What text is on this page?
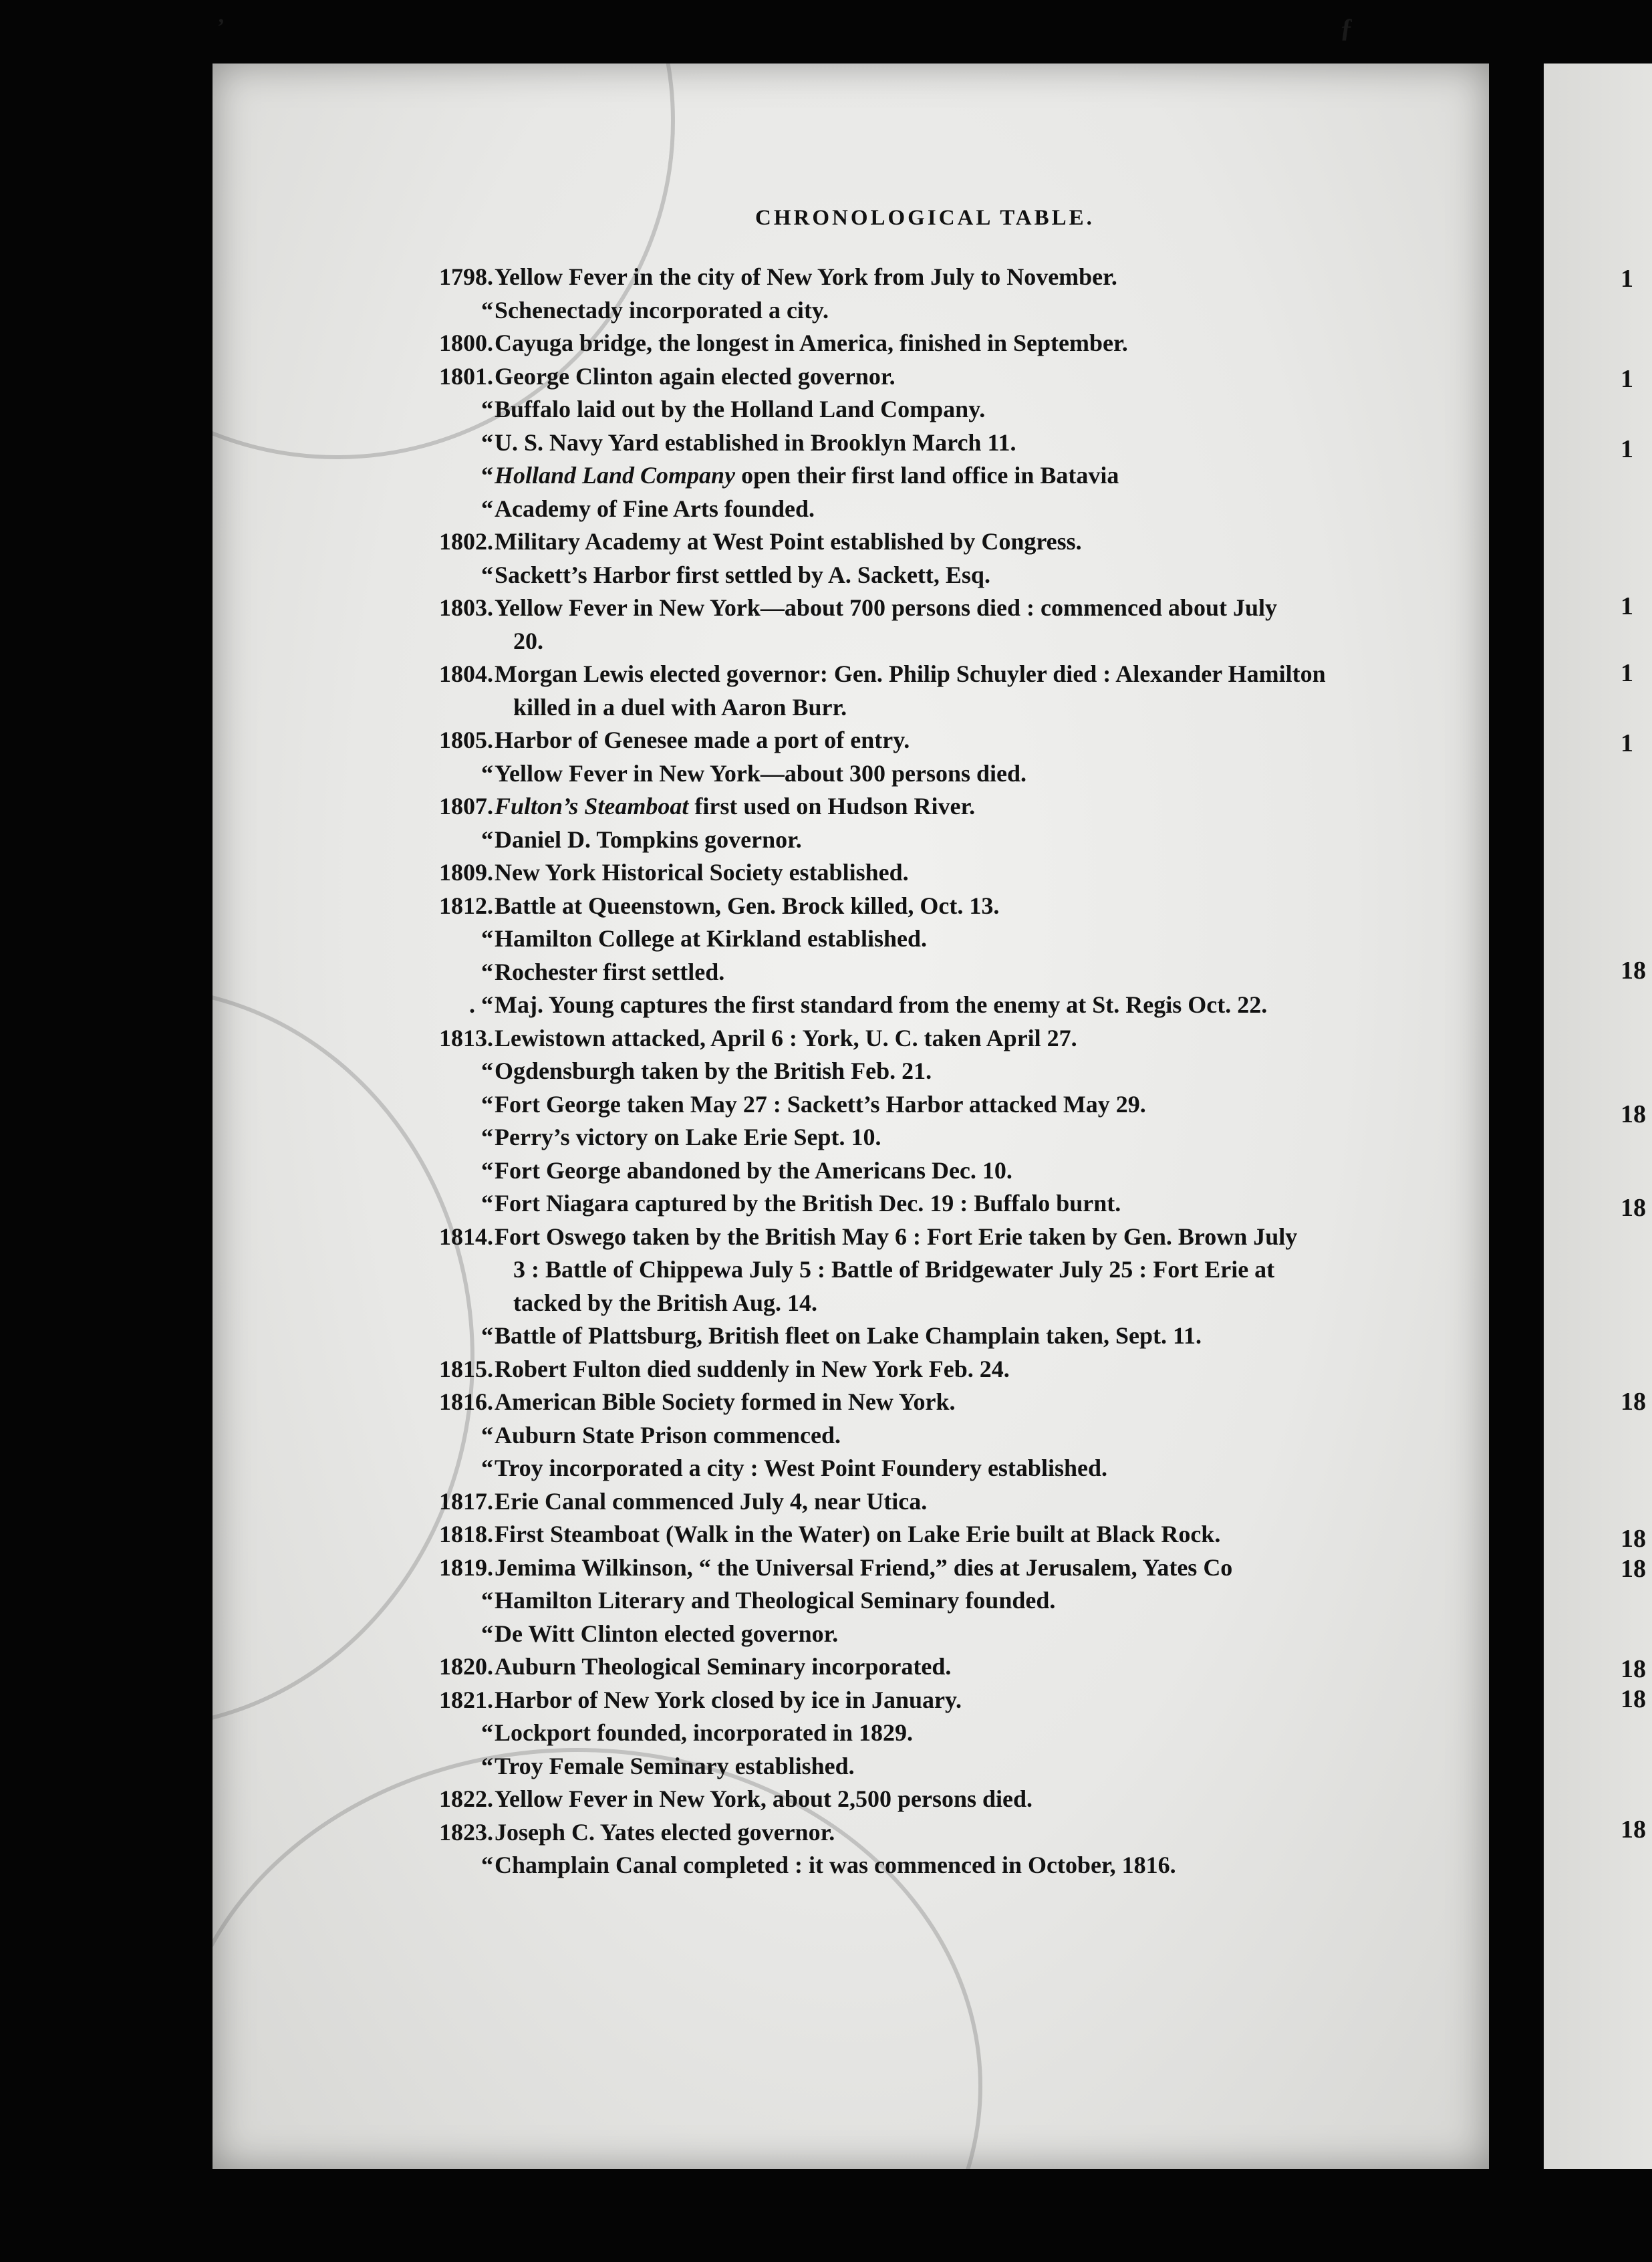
ʼ	ƒ
CHRONOLOGICAL TABLE.
1798. Yellow Fever in the city of New York from July to November.
“ Schenectady incorporated a city.
1800. Cayuga bridge, the longest in America, finished in September.
1801. George Clinton again elected governor.
“ Buffalo laid out by the Holland Land Company.
“ U. S. Navy Yard established in Brooklyn March 11.
“ Holland Land Company open their first land office in Batavia
“ Academy of Fine Arts founded.
1802. Military Academy at West Point established by Congress.
“ Sackett’s Harbor first settled by A. Sackett, Esq.
1803. Yellow Fever in New York—about 700 persons died : commenced about July
20.
1804. Morgan Lewis elected governor: Gen. Philip Schuyler died : Alexander Hamilton
killed in a duel with Aaron Burr.
1805. Harbor of Genesee made a port of entry.
“ Yellow Fever in New York—about 300 persons died.
1807. Fulton’s Steamboat first used on Hudson River.
“ Daniel D. Tompkins governor.
1809. New York Historical Society established.
1812. Battle at Queenstown, Gen. Brock killed, Oct. 13.
“ Hamilton College at Kirkland established.
“ Rochester first settled.
. “ Maj. Young captures the first standard from the enemy at St. Regis Oct. 22.
1813. Lewistown attacked, April 6 : York, U. C. taken April 27.
“ Ogdensburgh taken by the British Feb. 21.
“ Fort George taken May 27 : Sackett’s Harbor attacked May 29.
“ Perry’s victory on Lake Erie Sept. 10.
“ Fort George abandoned by the Americans Dec. 10.
“ Fort Niagara captured by the British Dec. 19 : Buffalo burnt.
1814. Fort Oswego taken by the British May 6 : Fort Erie taken by Gen. Brown July
3 : Battle of Chippewa July 5 : Battle of Bridgewater July 25 : Fort Erie at
tacked by the British Aug. 14.
“ Battle of Plattsburg, British fleet on Lake Champlain taken, Sept. 11.
1815. Robert Fulton died suddenly in New York Feb. 24.
1816. American Bible Society formed in New York.
“ Auburn State Prison commenced.
“ Troy incorporated a city : West Point Foundery established.
1817. Erie Canal commenced July 4, near Utica.
1818. First Steamboat (Walk in the Water) on Lake Erie built at Black Rock.
1819. Jemima Wilkinson, “ the Universal Friend,” dies at Jerusalem, Yates Co
“ Hamilton Literary and Theological Seminary founded.
“ De Witt Clinton elected governor.
1820. Auburn Theological Seminary incorporated.
1821. Harbor of New York closed by ice in January.
“ Lockport founded, incorporated in 1829.
“ Troy Female Seminary established.
1822. Yellow Fever in New York, about 2,500 persons died.
1823. Joseph C. Yates elected governor.
“ Champlain Canal completed : it was commenced in October, 1816.
1
1
1
1
1
1
18
18
18
18
18
18
18
18
18
